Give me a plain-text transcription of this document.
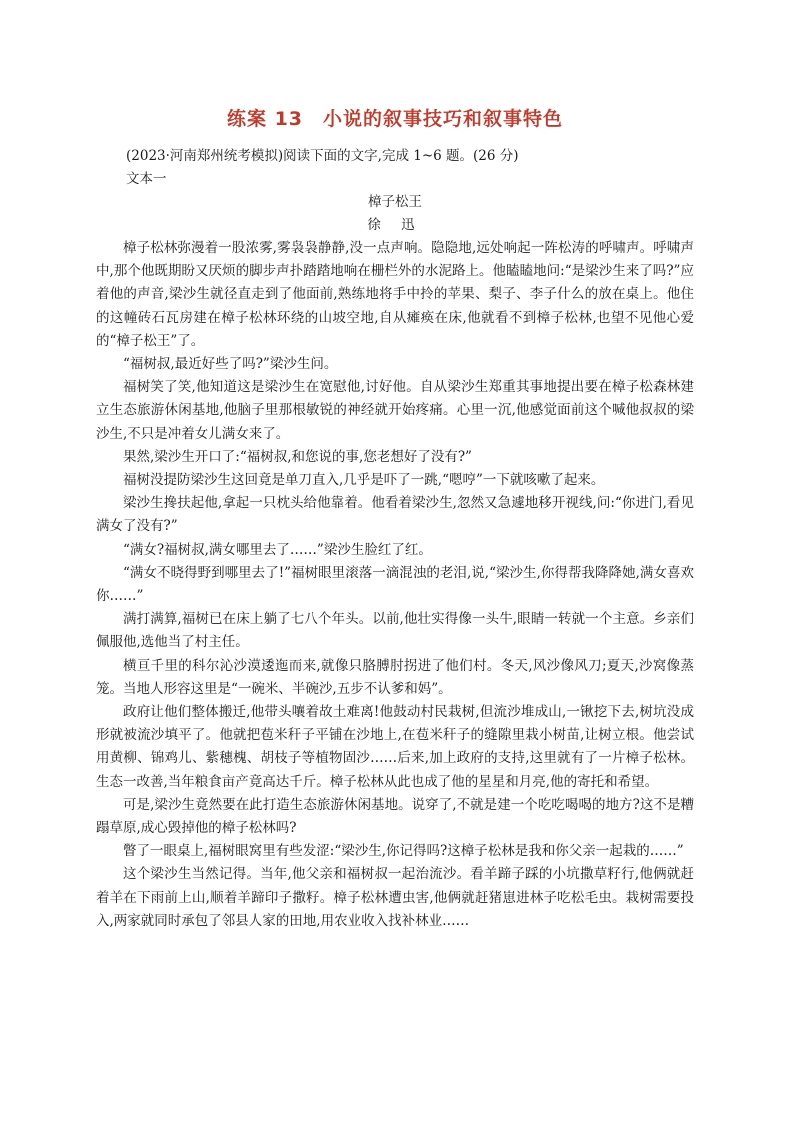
练案 13　小说的叙事技巧和叙事特色

(2023·河南郑州统考模拟)阅读下面的文字,完成 1~6 题。(26 分)

文本一

樟子松王

徐 迅

樟子松林弥漫着一股浓雾,雾袅袅静静,没一点声响。隐隐地,远处响起一阵松涛的呼啸声。呼啸声中,那个他既期盼又厌烦的脚步声扑踏踏地响在栅栏外的水泥路上。他瞌瞌地问:“是梁沙生来了吗?”应着他的声音,梁沙生就径直走到了他面前,熟练地将手中拎的苹果、梨子、李子什么的放在桌上。他住的这幢砖石瓦房建在樟子松林环绕的山坡空地,自从瘫痪在床,他就看不到樟子松林,也望不见他心爱的“樟子松王”了。

“福树叔,最近好些了吗?”梁沙生问。

福树笑了笑,他知道这是梁沙生在宽慰他,讨好他。自从梁沙生郑重其事地提出要在樟子松森林建立生态旅游休闲基地,他脑子里那根敏锐的神经就开始疼痛。心里一沉,他感觉面前这个喊他叔叔的梁沙生,不只是冲着女儿满女来了。

果然,梁沙生开口了:“福树叔,和您说的事,您老想好了没有?”

福树没提防梁沙生这回竟是单刀直入,几乎是吓了一跳,“嗯哼”一下就咳嗽了起来。

梁沙生搀扶起他,拿起一只枕头给他靠着。他看着梁沙生,忽然又急遽地移开视线,问:“你进门,看见满女了没有?”

“满女?福树叔,满女哪里去了……”梁沙生脸红了红。

“满女不晓得野到哪里去了!”福树眼里滚落一滴混浊的老泪,说,“梁沙生,你得帮我降降她,满女喜欢你……”

满打满算,福树已在床上躺了七八个年头。以前,他壮实得像一头牛,眼睛一转就一个主意。乡亲们佩服他,选他当了村主任。

横亘千里的科尔沁沙漠逶迤而来,就像只胳膊肘拐进了他们村。冬天,风沙像风刀;夏天,沙窝像蒸笼。当地人形容这里是“一碗米、半碗沙,五步不认爹和妈”。

政府让他们整体搬迁,他带头嚷着故土难离!他鼓动村民栽树,但流沙堆成山,一锹挖下去,树坑没成形就被流沙填平了。他就把苞米秆子平铺在沙地上,在苞米秆子的缝隙里栽小树苗,让树立根。他尝试用黄柳、锦鸡儿、紫穗槐、胡枝子等植物固沙……后来,加上政府的支持,这里就有了一片樟子松林。生态一改善,当年粮食亩产竟高达千斤。樟子松林从此也成了他的星星和月亮,他的寄托和希望。

可是,梁沙生竟然要在此打造生态旅游休闲基地。说穿了,不就是建一个吃吃喝喝的地方?这不是糟蹋草原,成心毁掉他的樟子松林吗?

瞥了一眼桌上,福树眼窝里有些发涩:“梁沙生,你记得吗?这樟子松林是我和你父亲一起栽的……”

这个梁沙生当然记得。当年,他父亲和福树叔一起治流沙。看羊蹄子踩的小坑撒草籽行,他俩就赶着羊在下雨前上山,顺着羊蹄印子撒籽。樟子松林遭虫害,他俩就赶猪崽进林子吃松毛虫。栽树需要投入,两家就同时承包了邻县人家的田地,用农业收入找补林业……
